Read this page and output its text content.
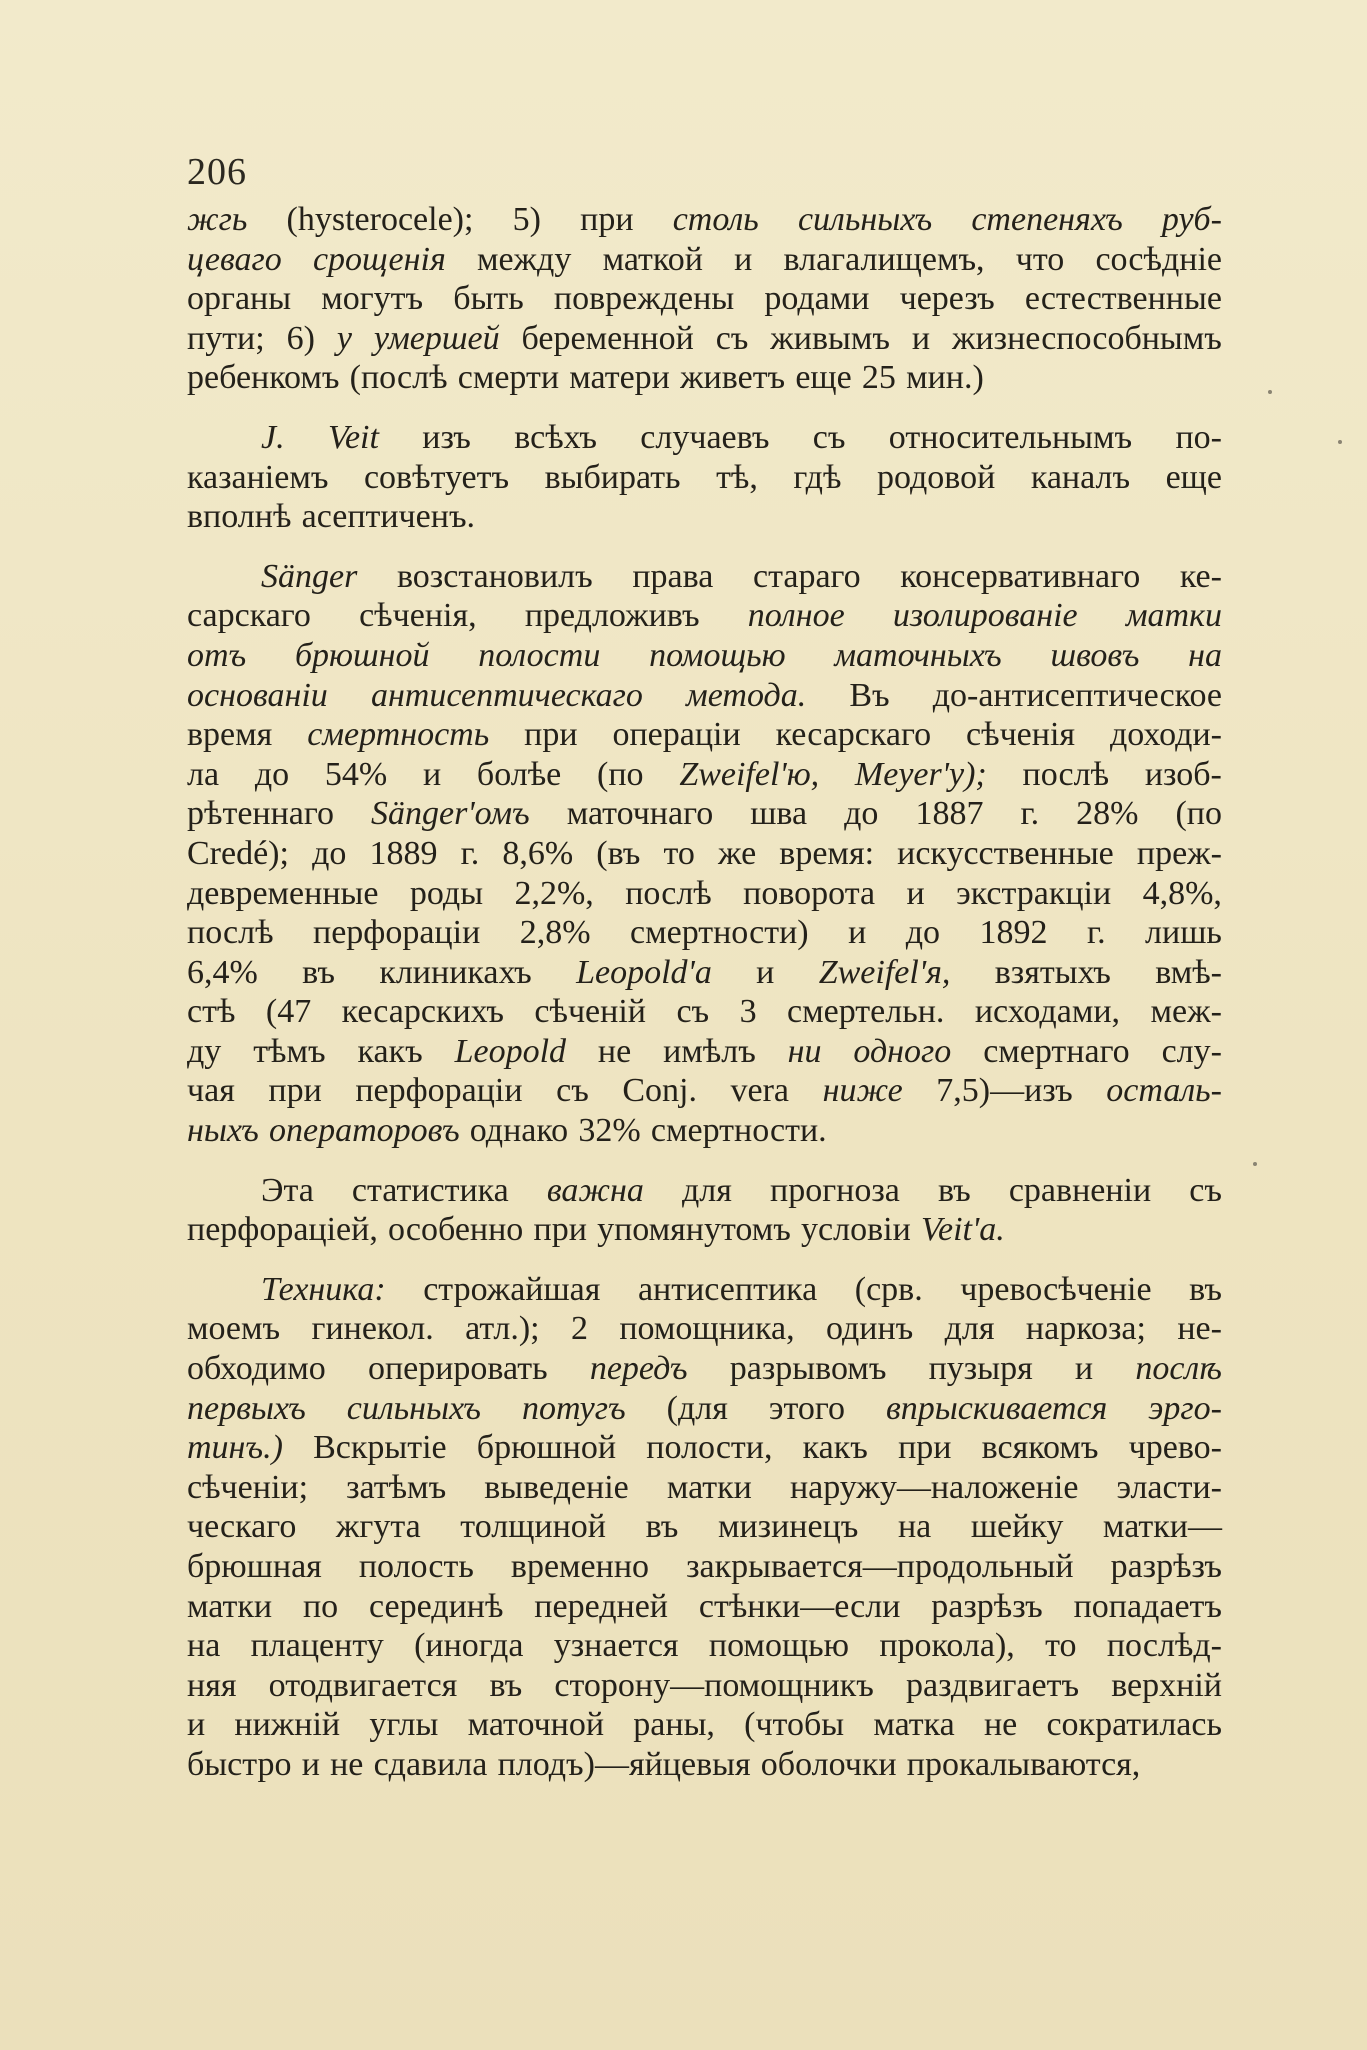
206
жгь (hysterocele); 5) при столь сильныхъ степеняхъ руб-
цеваго срощенія между маткой и влагалищемъ, что сосѣдніе
органы могутъ быть повреждены родами черезъ естественные
пути; 6) у умершей беременной съ живымъ и жизнеспособнымъ
ребенкомъ (послѣ смерти матери живетъ еще 25 мин.)
J. Veit изъ всѣхъ случаевъ съ относительнымъ по-
казаніемъ совѣтуетъ выбирать тѣ, гдѣ родовой каналъ еще
вполнѣ асептиченъ.
Sänger возстановилъ права стараго консервативнаго ке-
сарскаго сѣченія, предложивъ полное изолированіе матки
отъ брюшной полости помощью маточныхъ швовъ на
основаніи антисептическаго метода. Въ до-антисептическое
время смертность при операціи кесарскаго сѣченія доходи-
ла до 54% и болѣе (по Zweifel'ю, Meyer'у); послѣ изоб-
рѣтеннаго Sänger'омъ маточнаго шва до 1887 г. 28% (по
Credé); до 1889 г. 8,6% (въ то же время: искусственные преж-
девременные роды 2,2%, послѣ поворота и экстракціи 4,8%,
послѣ перфораціи 2,8% смертности) и до 1892 г. лишь
6,4% въ клиникахъ Leopold'а и Zweifel'я, взятыхъ вмѣ-
стѣ (47 кесарскихъ сѣченій съ 3 смертельн. исходами, меж-
ду тѣмъ какъ Leopold не имѣлъ ни одного смертнаго слу-
чая при перфораціи съ Conj. vera ниже 7,5)—изъ осталь-
ныхъ операторовъ однако 32% смертности.
Эта статистика важна для прогноза въ сравненіи съ
перфораціей, особенно при упомянутомъ условіи Veit'а.
Техника: строжайшая антисептика (срв. чревосѣченіе въ
моемъ гинекол. атл.); 2 помощника, одинъ для наркоза; не-
обходимо оперировать передъ разрывомъ пузыря и послѣ
первыхъ сильныхъ потугъ (для этого впрыскивается эрго-
тинъ.) Вскрытіе брюшной полости, какъ при всякомъ чрево-
сѣченіи; затѣмъ выведеніе матки наружу—наложеніе эласти-
ческаго жгута толщиной въ мизинецъ на шейку матки—
брюшная полость временно закрывается—продольный разрѣзъ
матки по серединѣ передней стѣнки—если разрѣзъ попадаетъ
на плаценту (иногда узнается помощью прокола), то послѣд-
няя отодвигается въ сторону—помощникъ раздвигаетъ верхній
и нижній углы маточной раны, (чтобы матка не сократилась
быстро и не сдавила плодъ)—яйцевыя оболочки прокалываются,
